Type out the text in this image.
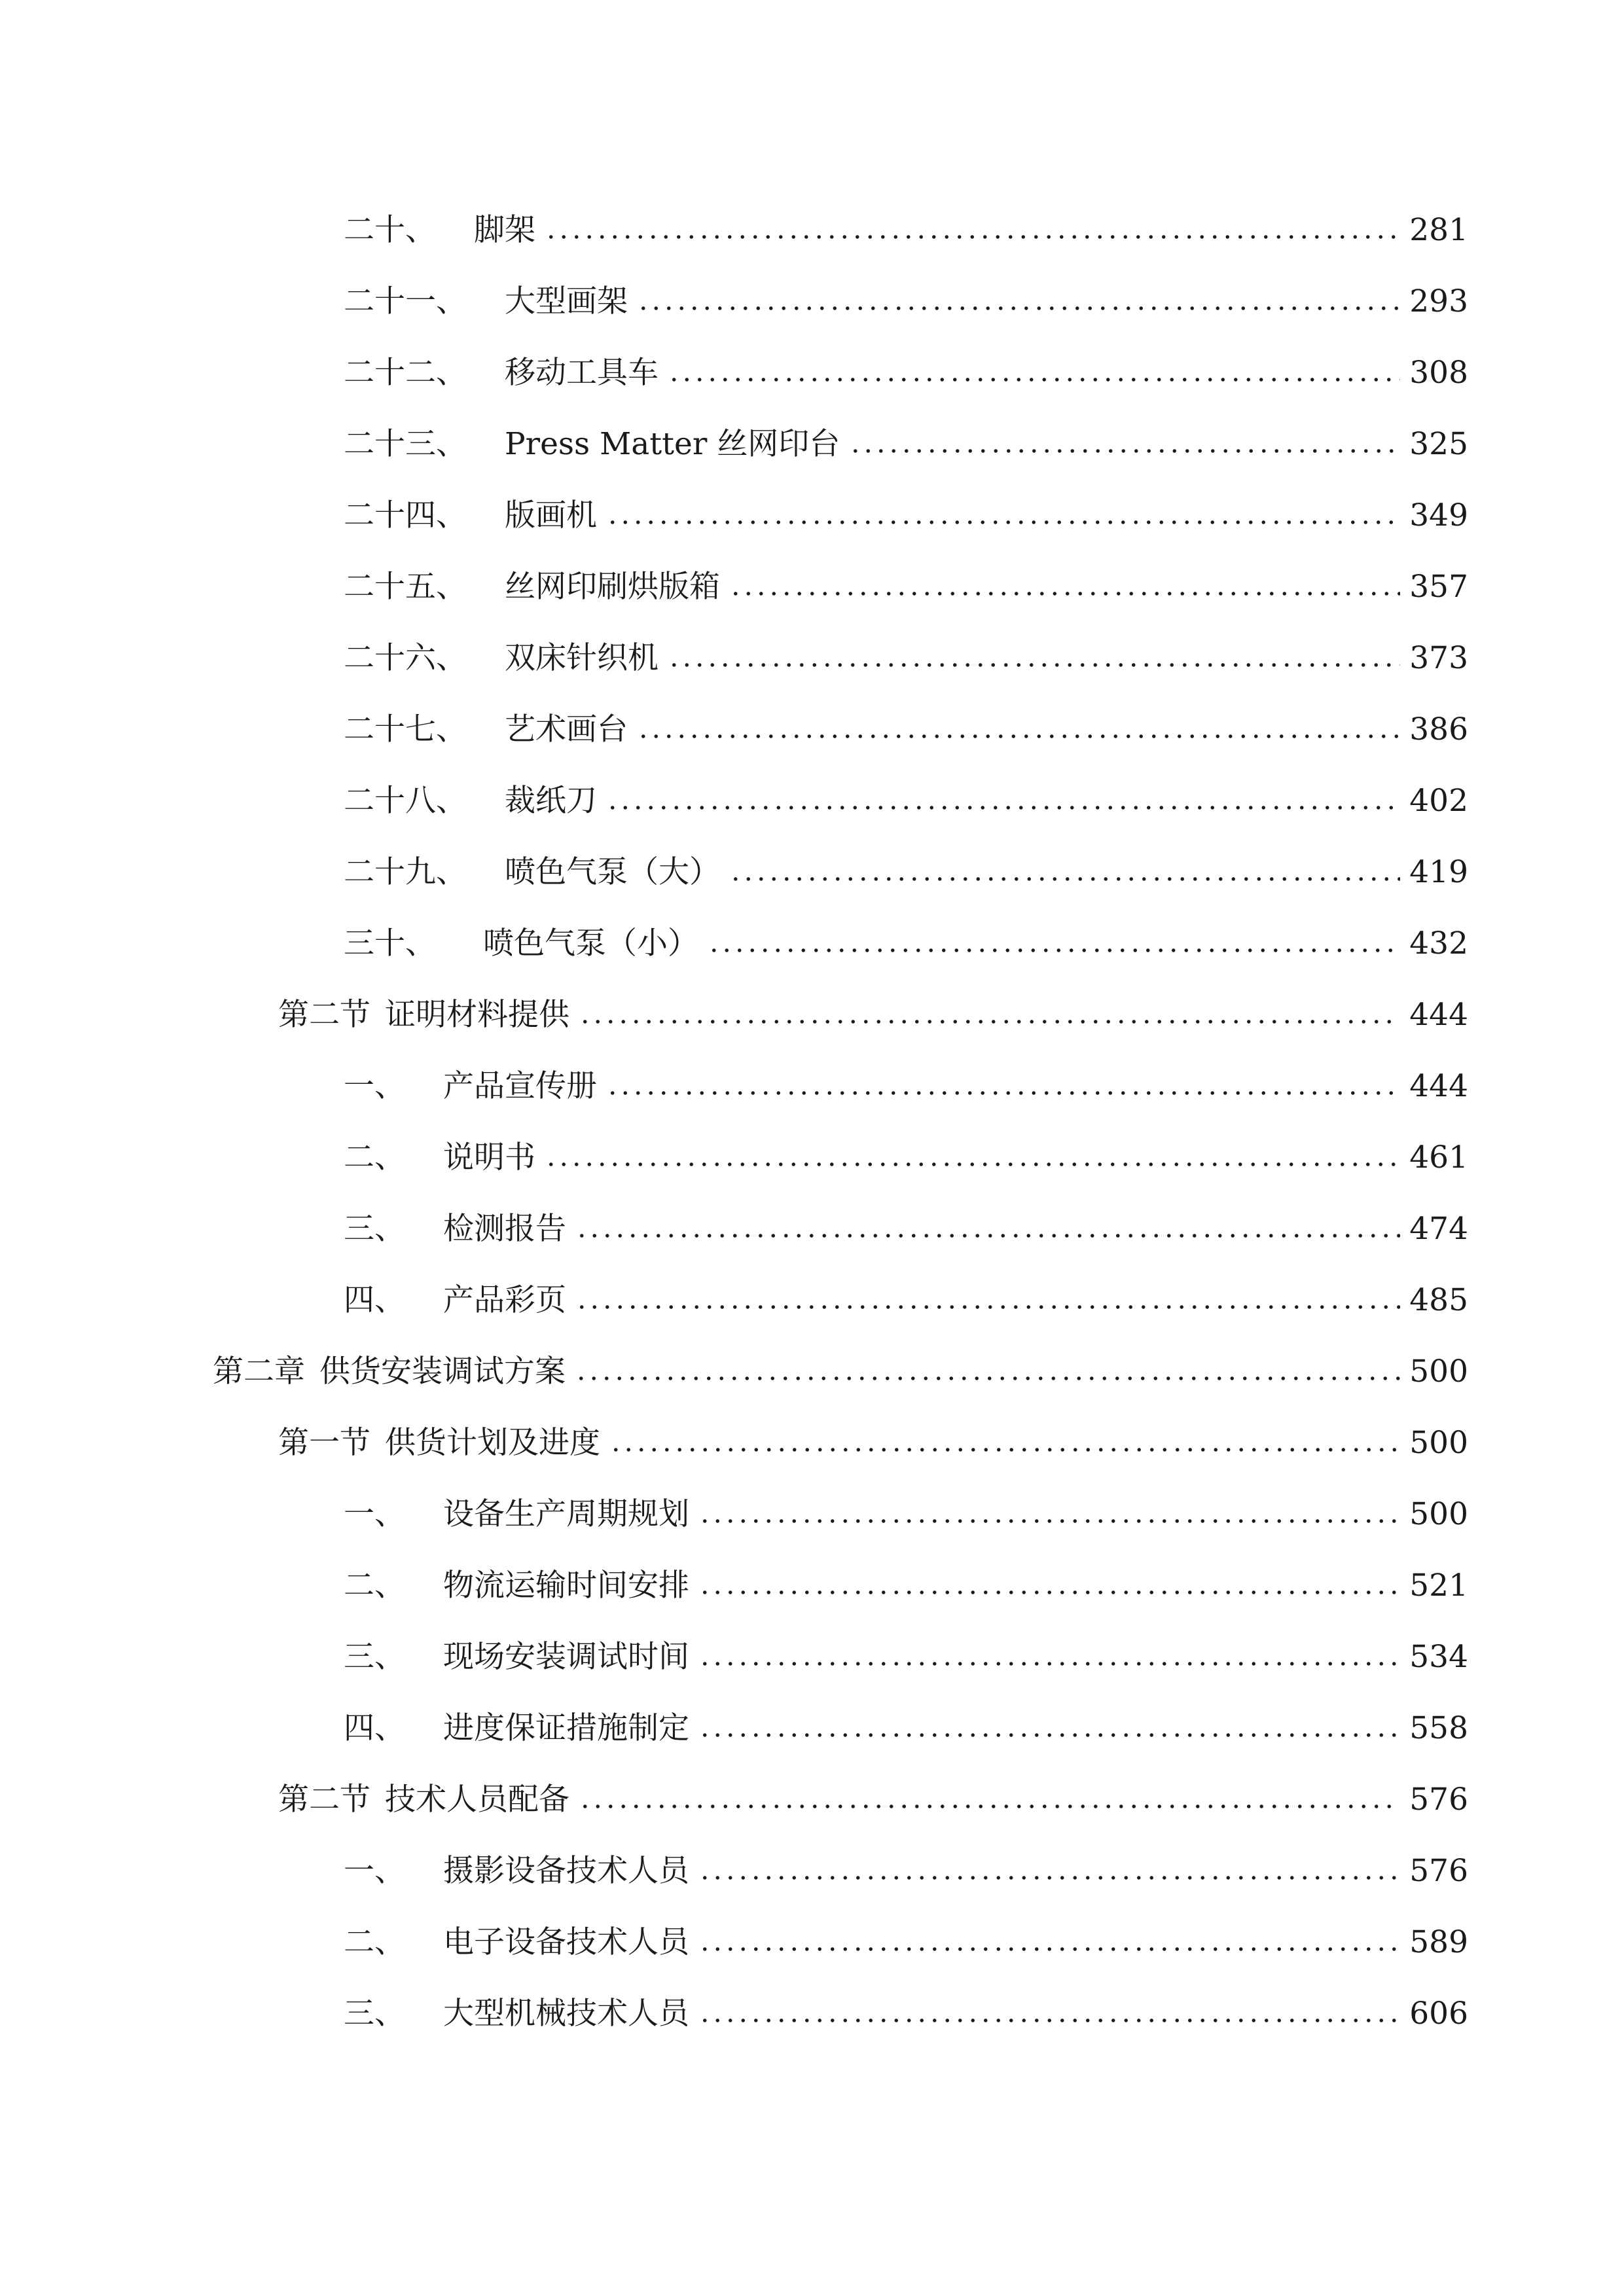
二十、 脚架	281
二十一、 大型画架	293
二十二、 移动工具车	308
二十三、 Press Matter 丝网印台	325
二十四、 版画机	349
二十五、 丝网印刷烘版箱	357
二十六、 双床针织机	373
二十七、 艺术画台	386
二十八、 裁纸刀	402
二十九、 喷色气泵（大）	419
三十、 喷色气泵（小）	432
第二节 证明材料提供	444
一、 产品宣传册	444
二、 说明书	461
三、 检测报告	474
四、 产品彩页	485
第二章 供货安装调试方案	500
第一节 供货计划及进度	500
一、 设备生产周期规划	500
二、 物流运输时间安排	521
三、 现场安装调试时间	534
四、 进度保证措施制定	558
第二节 技术人员配备	576
一、 摄影设备技术人员	576
二、 电子设备技术人员	589
三、 大型机械技术人员	606
